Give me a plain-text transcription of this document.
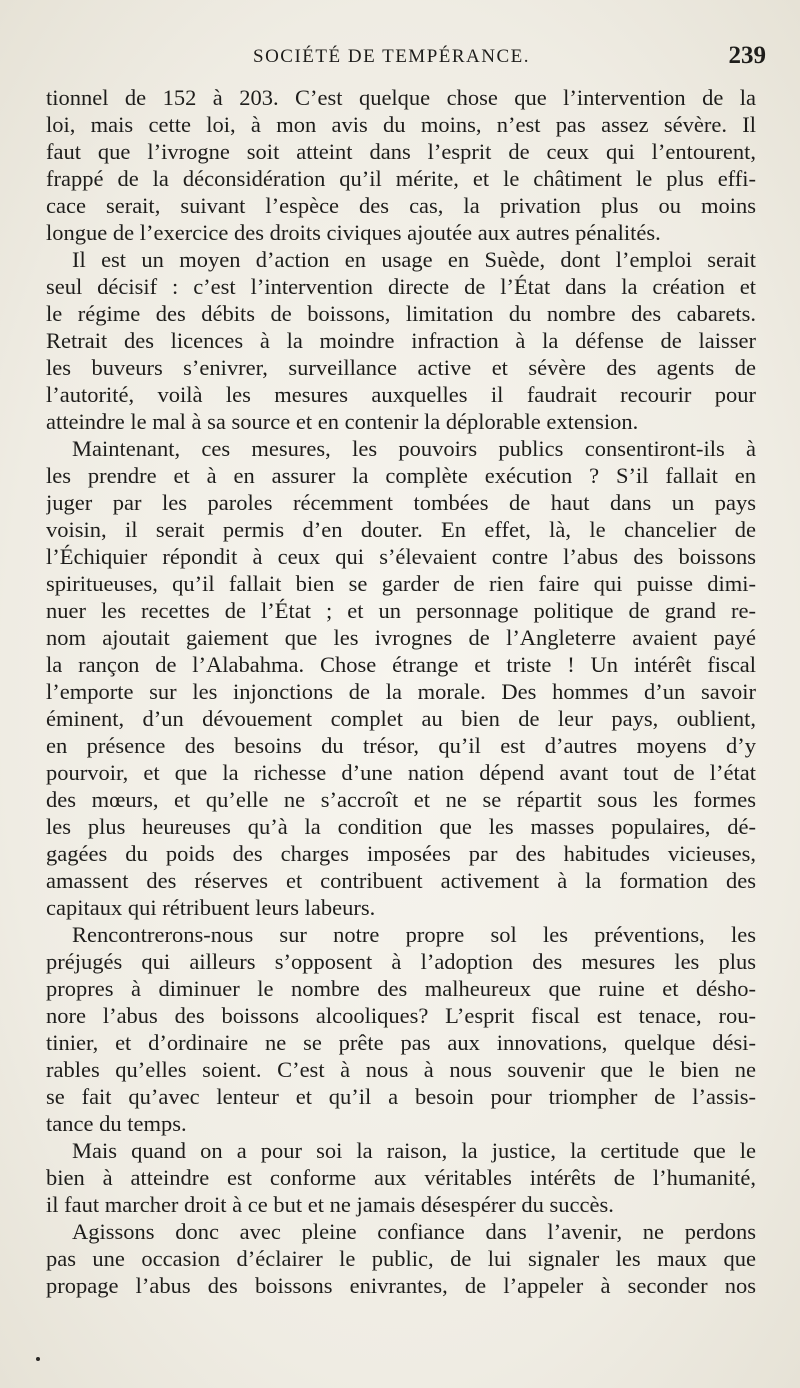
SOCIÉTÉ DE TEMPÉRANCE.	239
tionnel de 152 à 203. C’est quelque chose que l’intervention de la
loi, mais cette loi, à mon avis du moins, n’est pas assez sévère. Il
faut que l’ivrogne soit atteint dans l’esprit de ceux qui l’entourent,
frappé de la déconsidération qu’il mérite, et le châtiment le plus effi-
cace serait, suivant l’espèce des cas, la privation plus ou moins
longue de l’exercice des droits civiques ajoutée aux autres pénalités.
Il est un moyen d’action en usage en Suède, dont l’emploi serait
seul décisif : c’est l’intervention directe de l’État dans la création et
le régime des débits de boissons, limitation du nombre des cabarets.
Retrait des licences à la moindre infraction à la défense de laisser
les buveurs s’enivrer, surveillance active et sévère des agents de
l’autorité, voilà les mesures auxquelles il faudrait recourir pour
atteindre le mal à sa source et en contenir la déplorable extension.
Maintenant, ces mesures, les pouvoirs publics consentiront-ils à
les prendre et à en assurer la complète exécution ? S’il fallait en
juger par les paroles récemment tombées de haut dans un pays
voisin, il serait permis d’en douter. En effet, là, le chancelier de
l’Échiquier répondit à ceux qui s’élevaient contre l’abus des boissons
spiritueuses, qu’il fallait bien se garder de rien faire qui puisse dimi-
nuer les recettes de l’État ; et un personnage politique de grand re-
nom ajoutait gaiement que les ivrognes de l’Angleterre avaient payé
la rançon de l’Alabahma. Chose étrange et triste ! Un intérêt fiscal
l’emporte sur les injonctions de la morale. Des hommes d’un savoir
éminent, d’un dévouement complet au bien de leur pays, oublient,
en présence des besoins du trésor, qu’il est d’autres moyens d’y
pourvoir, et que la richesse d’une nation dépend avant tout de l’état
des mœurs, et qu’elle ne s’accroît et ne se répartit sous les formes
les plus heureuses qu’à la condition que les masses populaires, dé-
gagées du poids des charges imposées par des habitudes vicieuses,
amassent des réserves et contribuent activement à la formation des
capitaux qui rétribuent leurs labeurs.
Rencontrerons-nous sur notre propre sol les préventions, les
préjugés qui ailleurs s’opposent à l’adoption des mesures les plus
propres à diminuer le nombre des malheureux que ruine et désho-
nore l’abus des boissons alcooliques? L’esprit fiscal est tenace, rou-
tinier, et d’ordinaire ne se prête pas aux innovations, quelque dési-
rables qu’elles soient. C’est à nous à nous souvenir que le bien ne
se fait qu’avec lenteur et qu’il a besoin pour triompher de l’assis-
tance du temps.
Mais quand on a pour soi la raison, la justice, la certitude que le
bien à atteindre est conforme aux véritables intérêts de l’humanité,
il faut marcher droit à ce but et ne jamais désespérer du succès.
Agissons donc avec pleine confiance dans l’avenir, ne perdons
pas une occasion d’éclairer le public, de lui signaler les maux que
propage l’abus des boissons enivrantes, de l’appeler à seconder nos
